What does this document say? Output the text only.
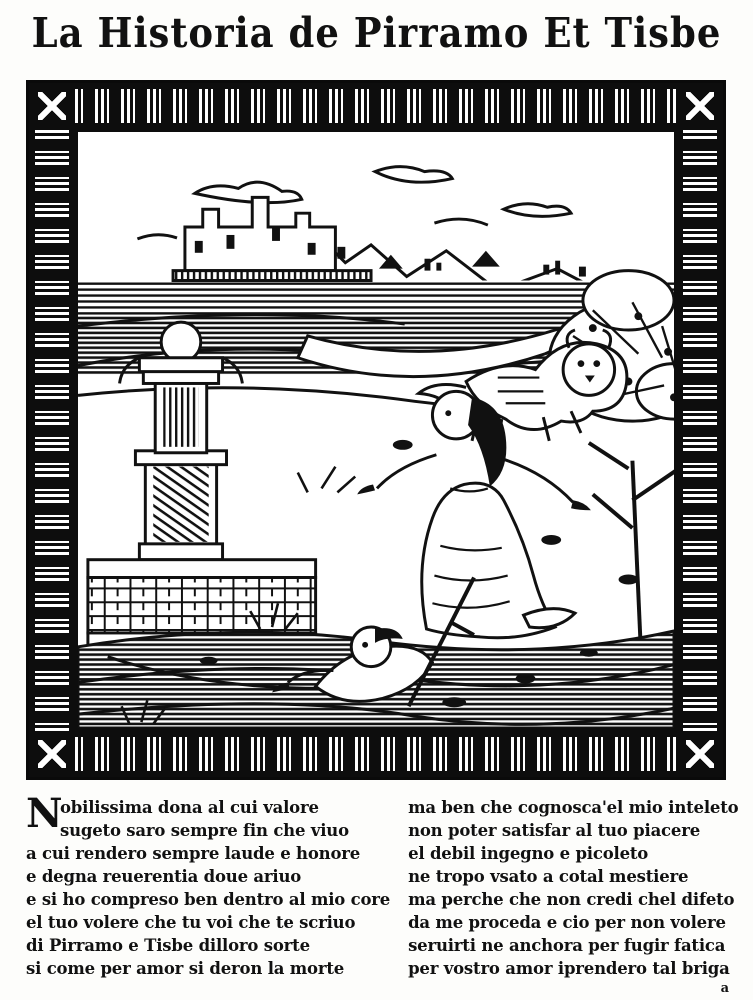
La Historia de Pirramo Et Tisbe
N
obilissima dona al cui valore
sugeto saro sempre fin che viuo
a cui rendero sempre laude e honore
e degna reuerentia doue ariuo
e si ho compreso ben dentro al mio core
el tuo volere che tu voi che te scriuo
di Pirramo e Tisbe dilloro sorte
si come per amor si deron la morte
ma ben che cognosca'el mio inteleto
non poter satisfar al tuo piacere
el debil ingegno e picoleto
ne tropo vsato a cotal mestiere
ma perche che non credi chel difeto
da me proceda e cio per non volere
seruirti ne anchora per fugir fatica
per vostro amor iprendero tal briga
a
